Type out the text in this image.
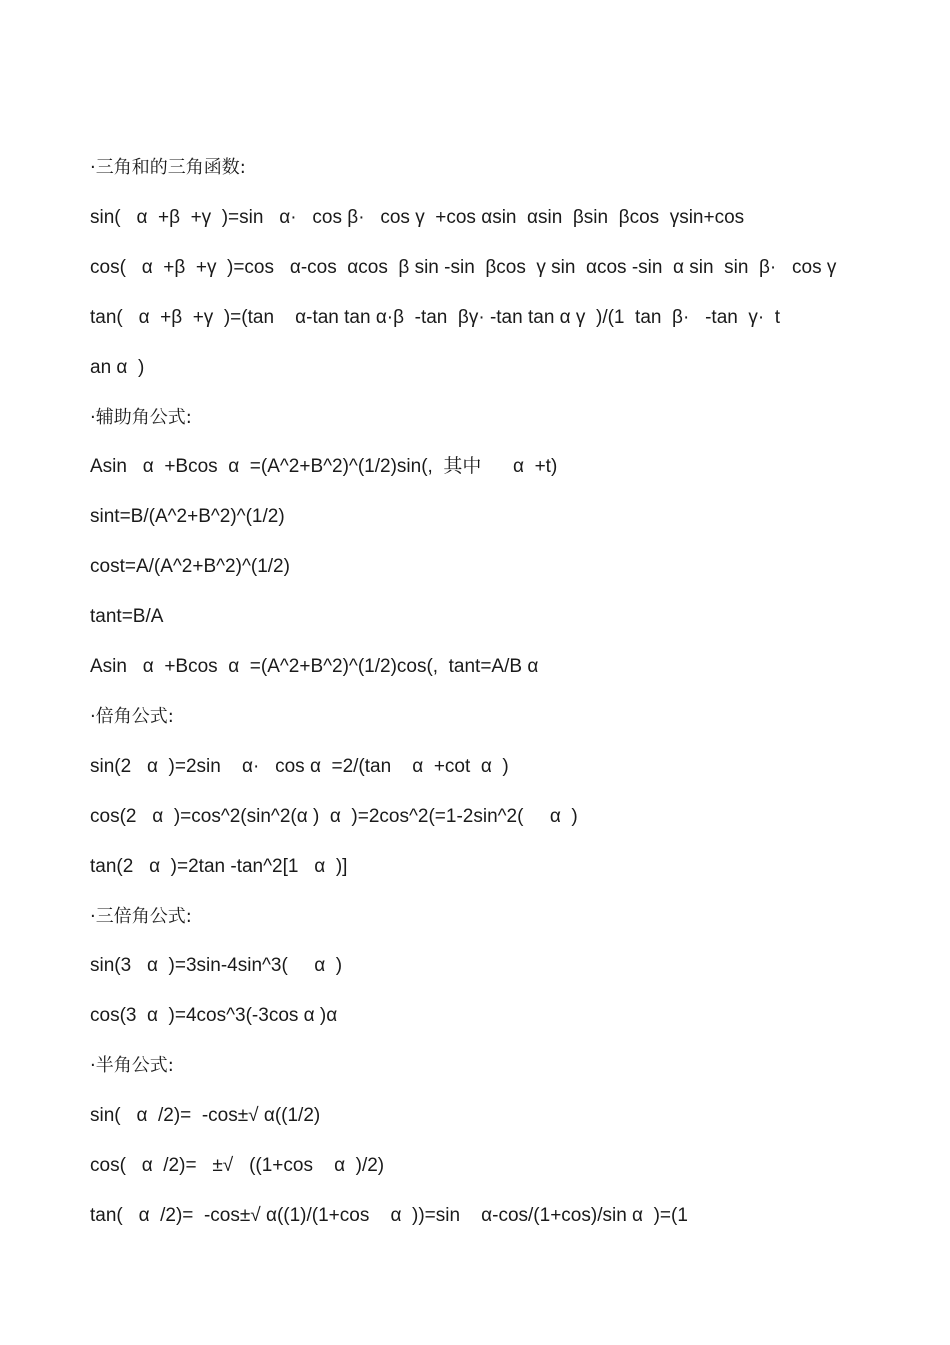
·三角和的三角函数:
sin(   α  +β  +γ  )=sin   α·   cos β·   cos γ  +cos αsin  αsin  βsin  βcos  γsin+cos
cos(   α  +β  +γ  )=cos   α-cos  αcos  β sin -sin  βcos  γ sin  αcos -sin  α sin  sin  β·   cos γ
tan(   α  +β  +γ  )=(tan    α-tan tan α·β  -tan  βγ· -tan tan α γ  )/(1  tan  β·   -tan  γ·  t
an α  )
·辅助角公式:
Asin   α  +Bcos  α  =(A^2+B^2)^(1/2)sin(,  其中      α  +t)
sint=B/(A^2+B^2)^(1/2)
cost=A/(A^2+B^2)^(1/2)
tant=B/A
Asin   α  +Bcos  α  =(A^2+B^2)^(1/2)cos(,  tant=A/B α
·倍角公式:
sin(2   α  )=2sin    α·   cos α  =2/(tan    α  +cot  α  )
cos(2   α  )=cos^2(sin^2(α )  α  )=2cos^2(=1-2sin^2(     α  )
tan(2   α  )=2tan -tan^2[1   α  )]
·三倍角公式:
sin(3   α  )=3sin-4sin^3(     α  )
cos(3  α  )=4cos^3(-3cos α )α
·半角公式:
sin(   α  /2)=  -cos±√ α((1/2)
cos(   α  /2)=   ±√   ((1+cos    α  )/2)
tan(   α  /2)=  -cos±√ α((1)/(1+cos    α  ))=sin    α-cos/(1+cos)/sin α  )=(1
